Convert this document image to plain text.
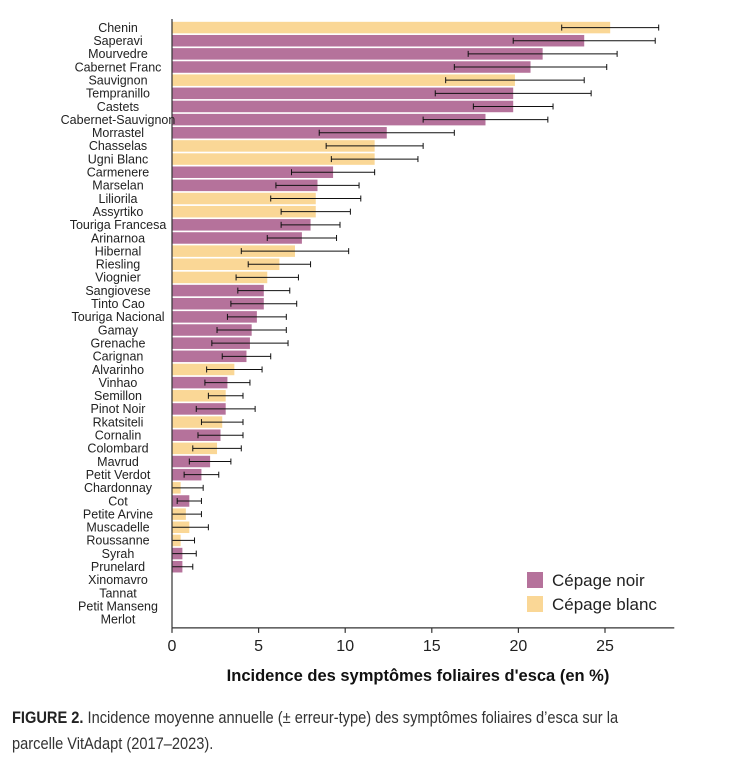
Chenin
Saperavi
Mourvedre
Cabernet Franc
Sauvignon
Tempranillo
Castets
Cabernet-Sauvignon
Morrastel
Chasselas
Ugni Blanc
Carmenere
Marselan
Liliorila
Assyrtiko
Touriga Francesa
Arinarnoa
Hibernal
Riesling
Viognier
Sangiovese
Tinto Cao
Touriga Nacional
Gamay
Grenache
Carignan
Alvarinho
Vinhao
Semillon
Pinot Noir
Rkatsiteli
Cornalin
Colombard
Mavrud
Petit Verdot
Chardonnay
Cot
Petite Arvine
Muscadelle
Roussanne
Syrah
Prunelard
Xinomavro
Tannat
Petit Manseng
Merlot
0	5	10	15	20	25
Incidence des symptômes foliaires d'esca (en %)
Cépage noir
Cépage blanc
FIGURE 2. Incidence moyenne annuelle (± erreur-type) des symptômes foliaires d’esca sur la
parcelle VitAdapt (2017–2023).
